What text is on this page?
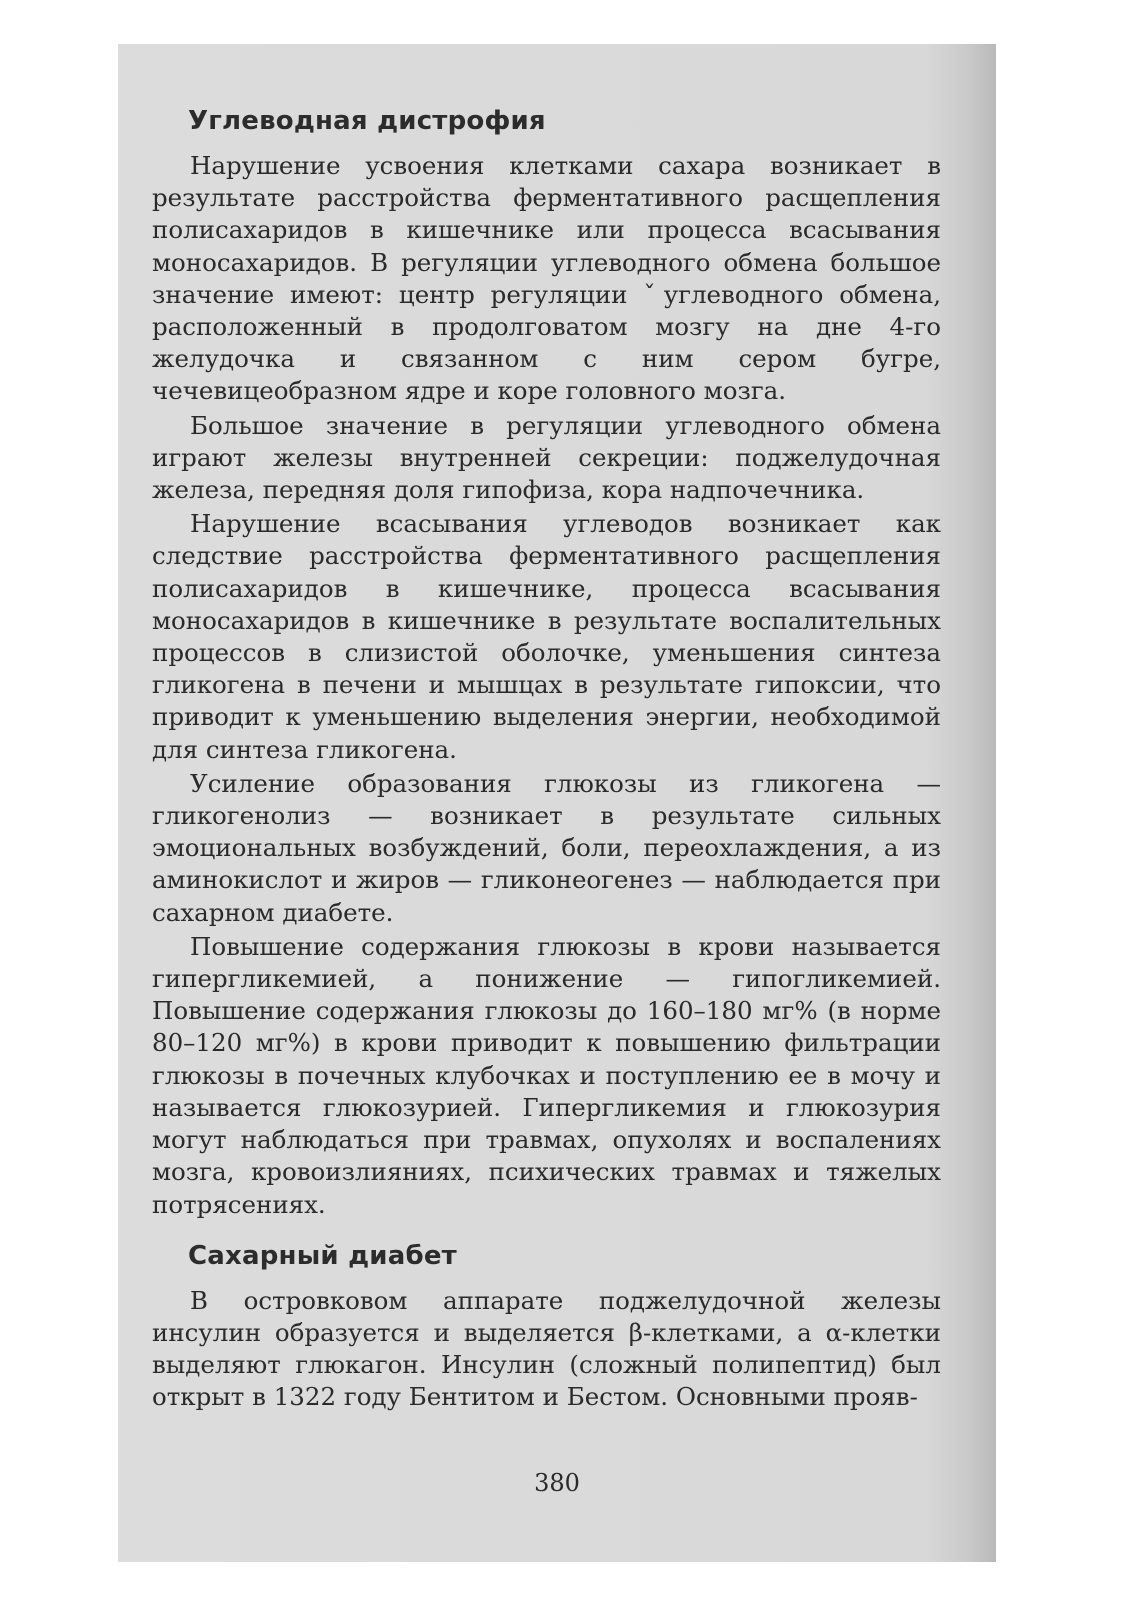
Углеводная дистрофия

Нарушение усвоения клетками сахара возникает в результате расстройства ферментативного расщепления полисахаридов в кишечнике или процесса всасывания моносахаридов. В регуляции углеводного обмена большое значение имеют: центр регуляции ˇуглеводного обмена, расположенный в продолговатом мозгу на дне 4-го желудочка и связанном с ним сером бугре, чечевицеобразном ядре и коре головного мозга.

Большое значение в регуляции углеводного обмена играют железы внутренней секреции: поджелудочная железа, передняя доля гипофиза, кора надпочечника.

Нарушение всасывания углеводов возникает как следствие расстройства ферментативного расщепления полисахаридов в кишечнике, процесса всасывания моносахаридов в кишечнике в результате воспалительных процессов в слизистой оболочке, уменьшения синтеза гликогена в печени и мышцах в результате гипоксии, что приводит к уменьшению выделения энергии, необходимой для синтеза гликогена.

Усиление образования глюкозы из гликогена — гликогенолиз — возникает в результате сильных эмоциональных возбуждений, боли, переохлаждения, а из аминокислот и жиров — гликонеогенез — наблюдается при сахарном диабете.

Повышение содержания глюкозы в крови называется гипергликемией, а понижение — гипогликемией. Повышение содержания глюкозы до 160–180 мг% (в норме 80–120 мг%) в крови приводит к повышению фильтрации глюкозы в почечных клубочках и поступлению ее в мочу и называется глюкозурией. Гипергликемия и глюкозурия могут наблюдаться при травмах, опухолях и воспалениях мозга, кровоизлияниях, психических травмах и тяжелых потрясениях.

Сахарный диабет

В островковом аппарате поджелудочной железы инсулин образуется и выделяется β-клетками, а α-клетки выделяют глюкагон. Инсулин (сложный полипептид) был открыт в 1322 году Бентитом и Бестом. Основными прояв-

380
